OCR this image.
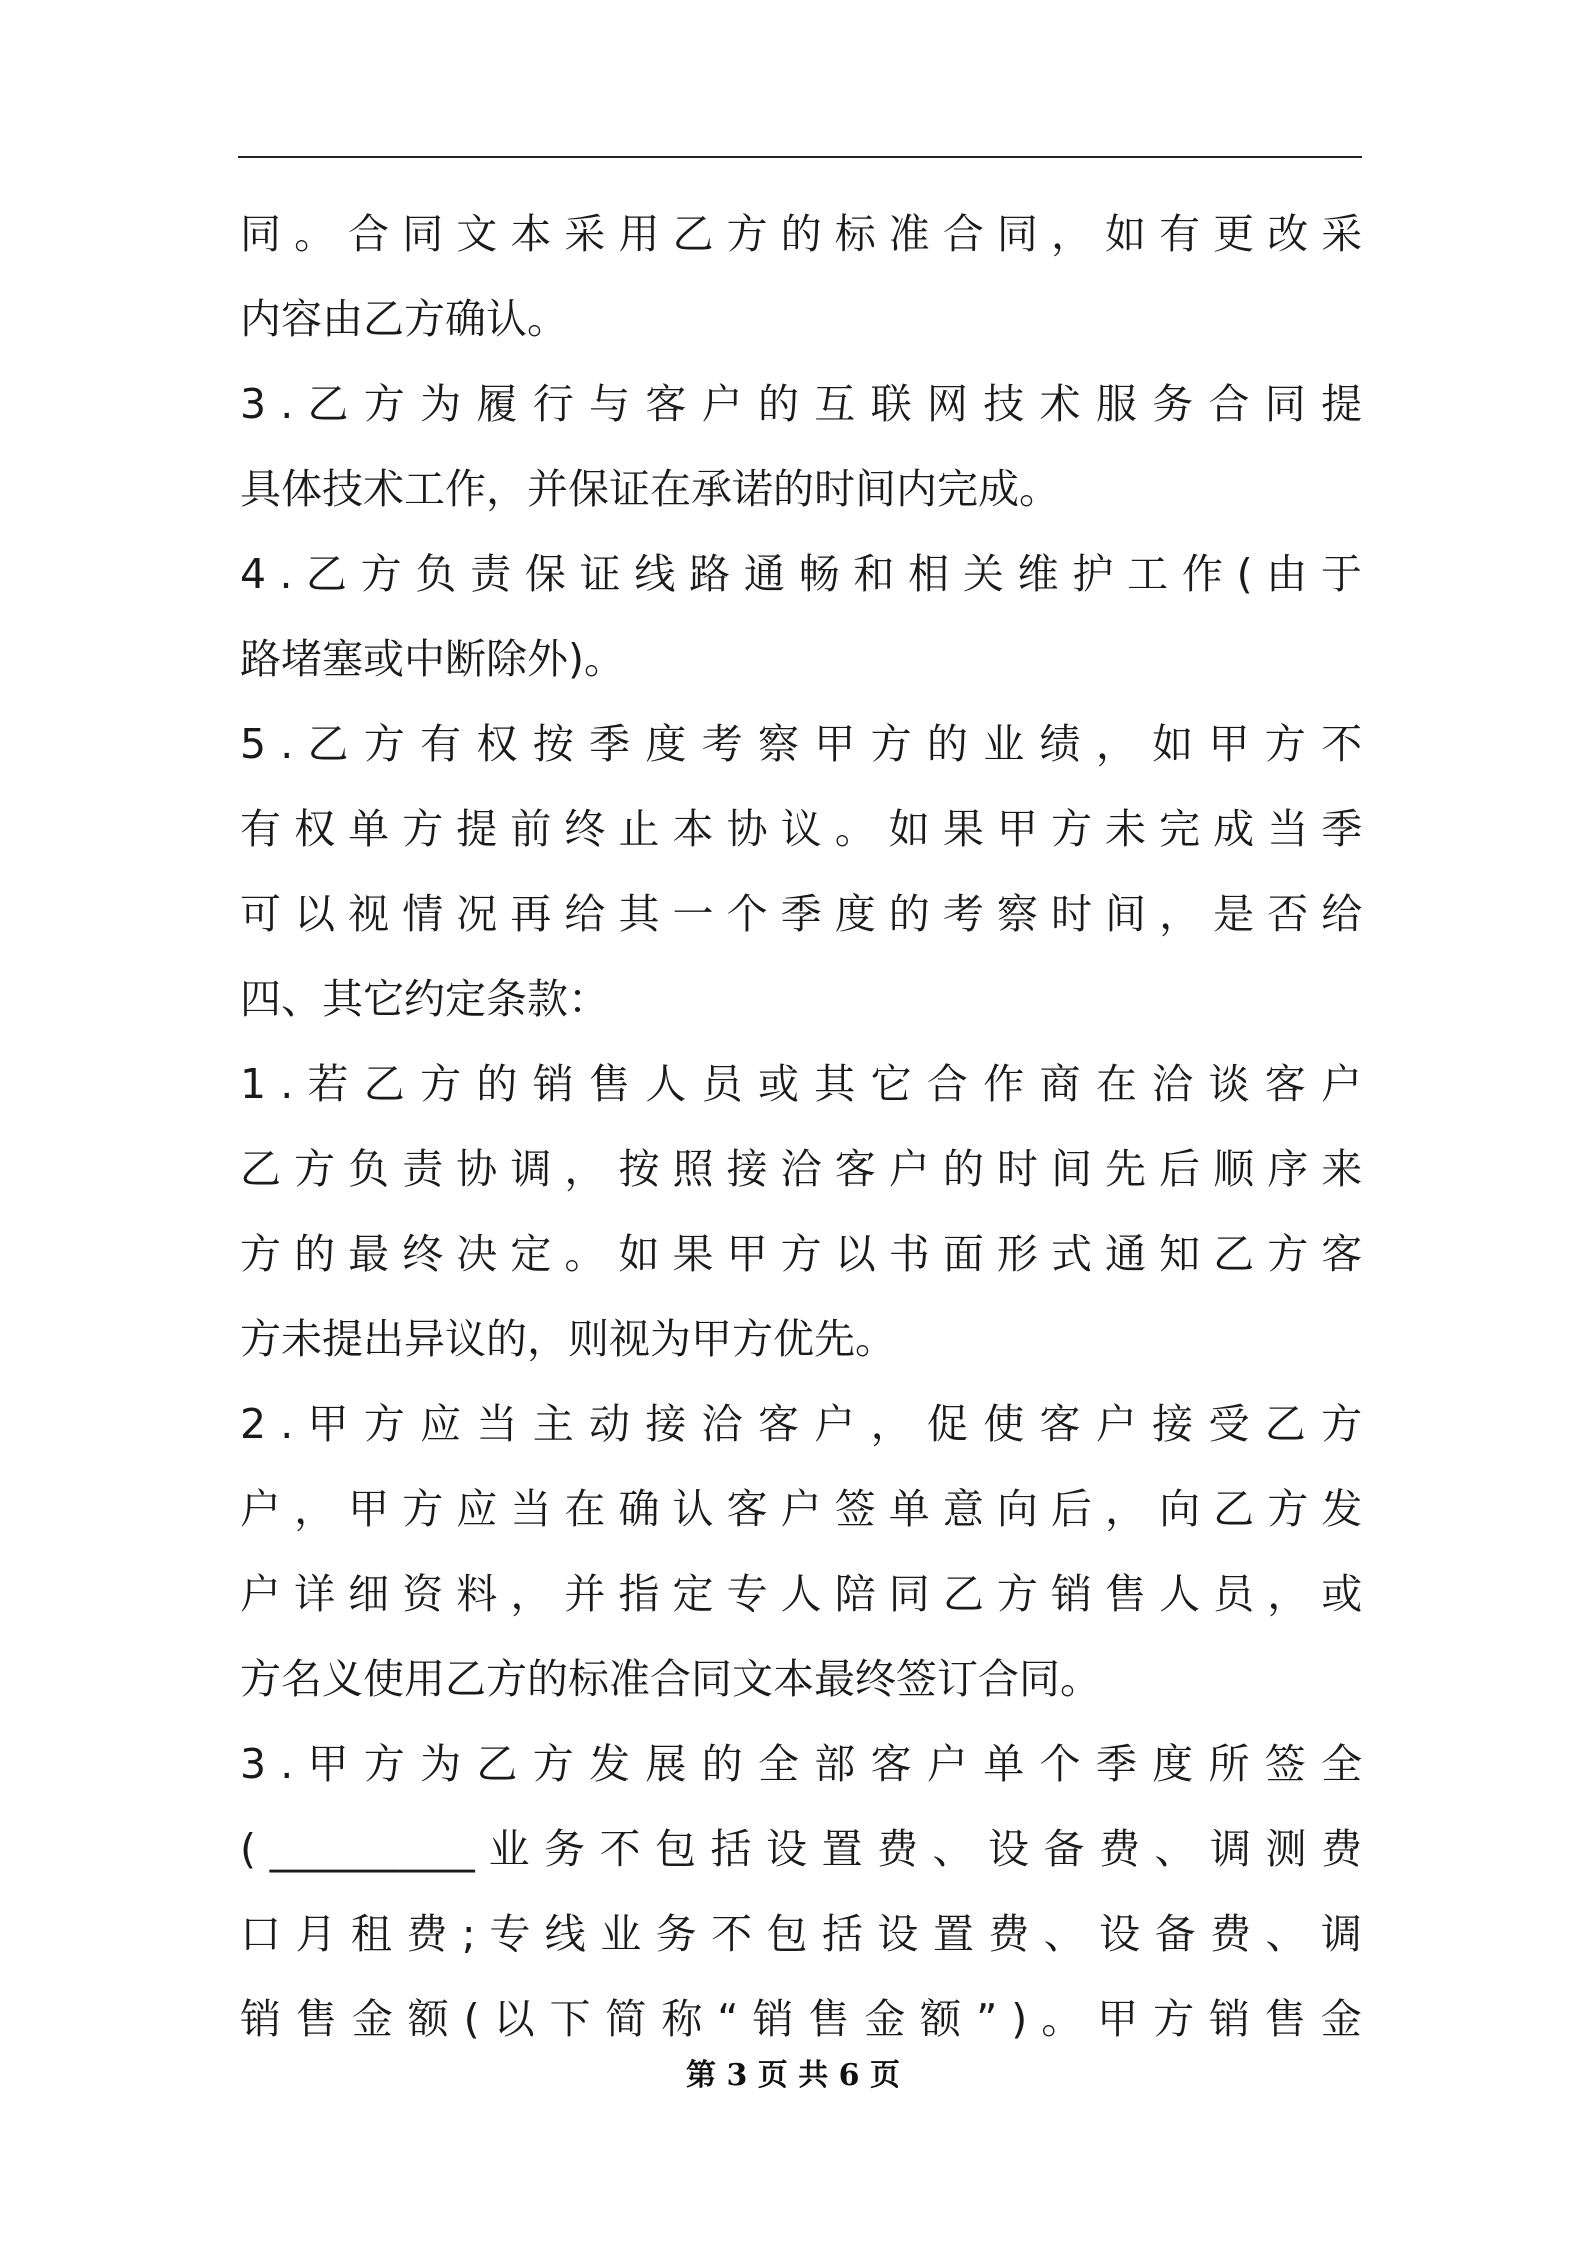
同 。 合 同 文 本 采 用 乙 方 的 标 准 合 同 ， 如 有 更 改 采
内容由乙方确认。
3 . 乙 方 为 履 行 与 客 户 的 互 联 网 技 术 服 务 合 同 提
具体技术工作，并保证在承诺的时间内完成。
4 . 乙 方 负 责 保 证 线 路 通 畅 和 相 关 维 护 工 作 ( 由 于
路堵塞或中断除外)。
5 . 乙 方 有 权 按 季 度 考 察 甲 方 的 业 绩 ， 如 甲 方 不
有 权 单 方 提 前 终 止 本 协 议 。 如 果 甲 方 未 完 成 当 季
可 以 视 情 况 再 给 其 一 个 季 度 的 考 察 时 间 ， 是 否 给
四、其它约定条款：
1 . 若 乙 方 的 销 售 人 员 或 其 它 合 作 商 在 洽 谈 客 户
乙 方 负 责 协 调 ， 按 照 接 洽 客 户 的 时 间 先 后 顺 序 来
方 的 最 终 决 定 。 如 果 甲 方 以 书 面 形 式 通 知 乙 方 客
方未提出异议的，则视为甲方优先。
2 . 甲 方 应 当 主 动 接 洽 客 户 ， 促 使 客 户 接 受 乙 方
户 ， 甲 方 应 当 在 确 认 客 户 签 单 意 向 后 ， 向 乙 方 发
户 详 细 资 料 ， 并 指 定 专 人 陪 同 乙 方 销 售 人 员 ， 或
方名义使用乙方的标准合同文本最终签订合同。
3 . 甲 方 为 乙 方 发 展 的 全 部 客 户 单 个 季 度 所 签 全
( __________ 业 务 不 包 括 设 置 费 、 设 备 费 、 调 测 费
口 月 租 费 ; 专 线 业 务 不 包 括 设 置 费 、 设 备 费 、 调
销 售 金 额 ( 以 下 简 称 “ 销 售 金 额 ” ) 。 甲 方 销 售 金
第 3 页 共 6 页
